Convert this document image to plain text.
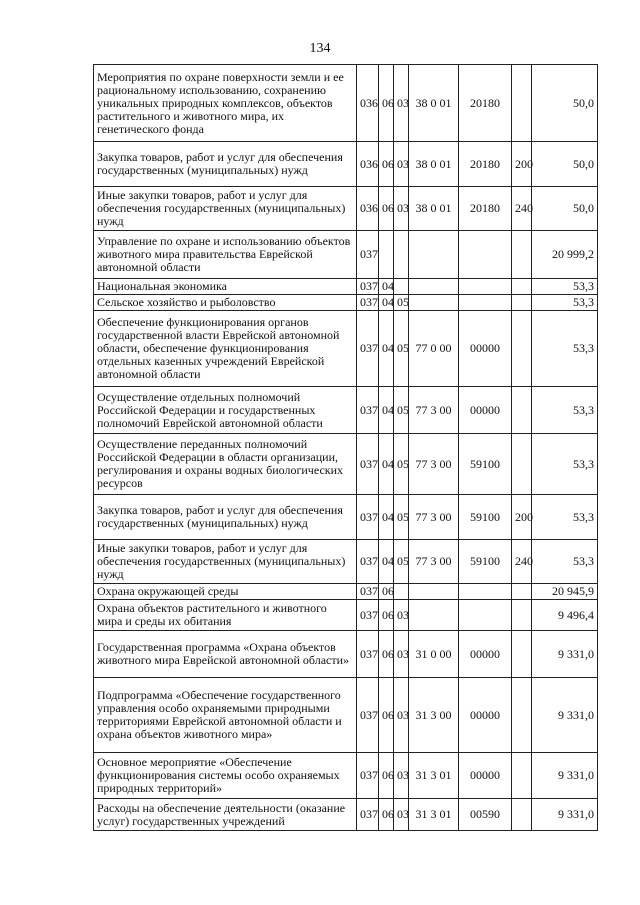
134
Мероприятия по охране поверхности земли и ее рациональному использованию, сохранению уникальных природных комплексов, объектов растительного и животного мира, их генетического фонда	036	06	03	38 0 01	20180		50,0
Закупка товаров, работ и услуг для обеспечения государственных (муниципальных) нужд	036	06	03	38 0 01	20180	200	50,0
Иные закупки товаров, работ и услуг для обеспечения государственных (муниципальных) нужд	036	06	03	38 0 01	20180	240	50,0
Управление по охране и использованию объектов животного мира правительства Еврейской автономной области	037						20 999,2
Национальная экономика	037	04					53,3
Сельское хозяйство и рыболовство	037	04	05				53,3
Обеспечение функционирования органов государственной власти Еврейской автономной области, обеспечение функционирования отдельных казенных учреждений Еврейской автономной области	037	04	05	77 0 00	00000		53,3
Осуществление отдельных полномочий Российской Федерации и государственных полномочий Еврейской автономной области	037	04	05	77 3 00	00000		53,3
Осуществление переданных полномочий Российской Федерации в области организации, регулирования и охраны водных биологических ресурсов	037	04	05	77 3 00	59100		53,3
Закупка товаров, работ и услуг для обеспечения государственных (муниципальных) нужд	037	04	05	77 3 00	59100	200	53,3
Иные закупки товаров, работ и услуг для обеспечения государственных (муниципальных) нужд	037	04	05	77 3 00	59100	240	53,3
Охрана окружающей среды	037	06					20 945,9
Охрана объектов растительного и животного мира и среды их обитания	037	06	03				9 496,4
Государственная программа «Охрана объектов животного мира Еврейской автономной области»	037	06	03	31 0 00	00000		9 331,0
Подпрограмма «Обеспечение государственного управления особо охраняемыми природными территориями Еврейской автономной области и охрана объектов животного мира»	037	06	03	31 3 00	00000		9 331,0
Основное мероприятие «Обеспечение функционирования системы особо охраняемых природных территорий»	037	06	03	31 3 01	00000		9 331,0
Расходы на обеспечение деятельности (оказание услуг) государственных учреждений	037	06	03	31 3 01	00590		9 331,0
